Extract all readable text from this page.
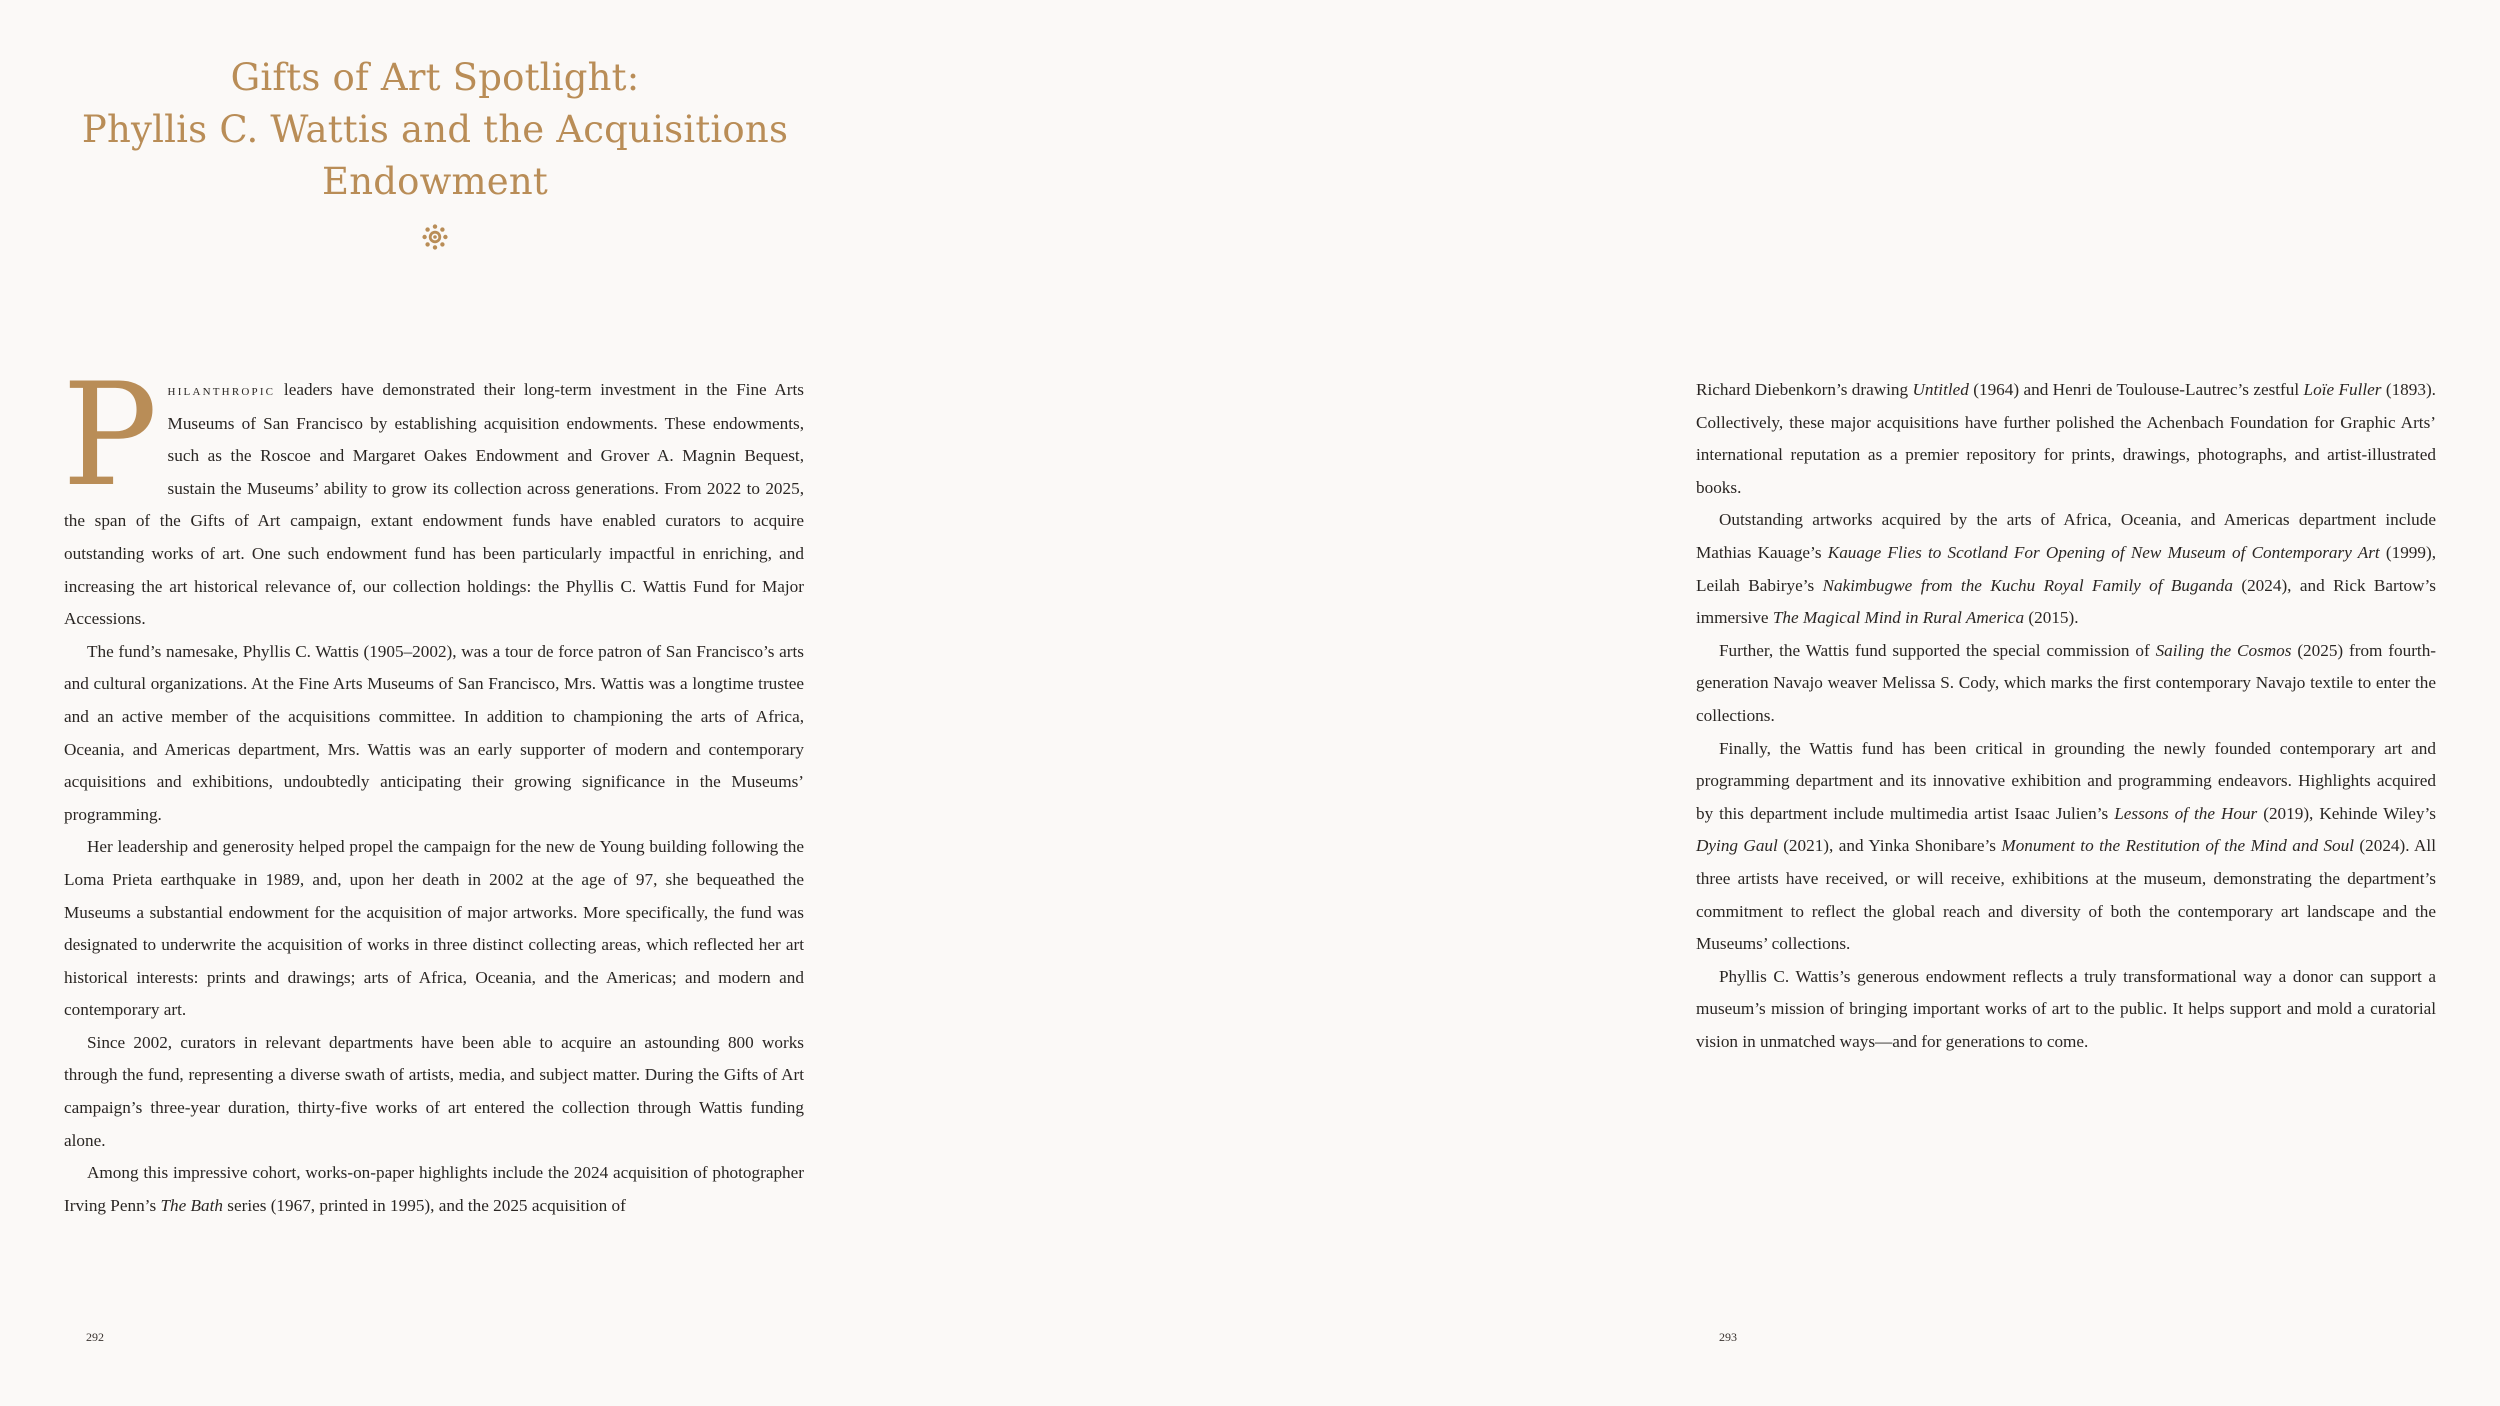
Gifts of Art Spotlight:
Phyllis C. Wattis and the Acquisitions
Endowment

Philanthropic leaders have demonstrated their long-term investment in the Fine Arts Museums of San Francisco by establishing acquisition endowments. These endowments, such as the Roscoe and Margaret Oakes Endowment and Grover A. Magnin Bequest, sustain the Museums’ ability to grow its collection across generations. From 2022 to 2025, the span of the Gifts of Art campaign, extant endowment funds have enabled curators to acquire outstanding works of art. One such endowment fund has been particularly impactful in enriching, and increasing the art historical relevance of, our collection holdings: the Phyllis C. Wattis Fund for Major Accessions.

The fund’s namesake, Phyllis C. Wattis (1905–2002), was a tour de force patron of San Francisco’s arts and cultural organizations. At the Fine Arts Museums of San Francisco, Mrs. Wattis was a longtime trustee and an active member of the acquisitions committee. In addition to championing the arts of Africa, Oceania, and Americas department, Mrs. Wattis was an early supporter of modern and contemporary acquisitions and exhibitions, undoubtedly anticipating their growing significance in the Museums’ programming.

Her leadership and generosity helped propel the campaign for the new de Young building following the Loma Prieta earthquake in 1989, and, upon her death in 2002 at the age of 97, she bequeathed the Museums a substantial endowment for the acquisition of major artworks. More specifically, the fund was designated to underwrite the acquisition of works in three distinct collecting areas, which reflected her art historical interests: prints and drawings; arts of Africa, Oceania, and the Americas; and modern and contemporary art.

Since 2002, curators in relevant departments have been able to acquire an astounding 800 works through the fund, representing a diverse swath of artists, media, and subject matter. During the Gifts of Art campaign’s three-year duration, thirty-five works of art entered the collection through Wattis funding alone.

Among this impressive cohort, works-on-paper highlights include the 2024 acquisition of photographer Irving Penn’s The Bath series (1967, printed in 1995), and the 2025 acquisition of

292

Richard Diebenkorn’s drawing Untitled (1964) and Henri de Toulouse-Lautrec’s zestful Loïe Fuller (1893). Collectively, these major acquisitions have further polished the Achenbach Foundation for Graphic Arts’ international reputation as a premier repository for prints, drawings, photographs, and artist-illustrated books.

Outstanding artworks acquired by the arts of Africa, Oceania, and Americas department include Mathias Kauage’s Kauage Flies to Scotland For Opening of New Museum of Contemporary Art (1999), Leilah Babirye’s Nakimbugwe from the Kuchu Royal Family of Buganda (2024), and Rick Bartow’s immersive The Magical Mind in Rural America (2015).

Further, the Wattis fund supported the special commission of Sailing the Cosmos (2025) from fourth-generation Navajo weaver Melissa S. Cody, which marks the first contemporary Navajo textile to enter the collections.

Finally, the Wattis fund has been critical in grounding the newly founded contemporary art and programming department and its innovative exhibition and programming endeavors. Highlights acquired by this department include multimedia artist Isaac Julien’s Lessons of the Hour (2019), Kehinde Wiley’s Dying Gaul (2021), and Yinka Shonibare’s Monument to the Restitution of the Mind and Soul (2024). All three artists have received, or will receive, exhibitions at the museum, demonstrating the department’s commitment to reflect the global reach and diversity of both the contemporary art landscape and the Museums’ collections.

Phyllis C. Wattis’s generous endowment reflects a truly transformational way a donor can support a museum’s mission of bringing important works of art to the public. It helps support and mold a curatorial vision in unmatched ways—and for generations to come.

293
